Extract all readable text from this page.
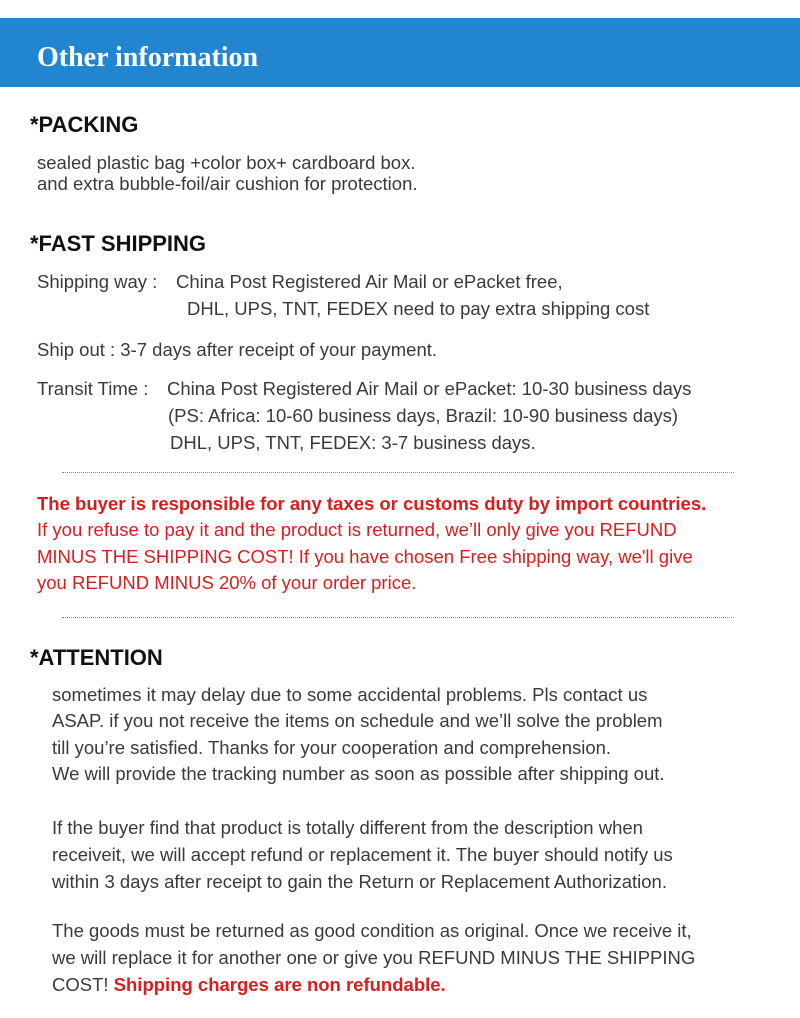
Other information
*PACKING
sealed plastic bag +color box+ cardboard box.
and extra bubble-foil/air cushion for protection.
*FAST SHIPPING
Shipping way : China Post Registered Air Mail or ePacket free,
DHL, UPS, TNT, FEDEX need to pay extra shipping cost
Ship out : 3-7 days after receipt of your payment.
Transit Time : China Post Registered Air Mail or ePacket: 10-30 business days
(PS: Africa: 10-60 business days, Brazil: 10-90 business days)
DHL, UPS, TNT, FEDEX: 3-7 business days.
The buyer is responsible for any taxes or customs duty by import countries.
If you refuse to pay it and the product is returned, we’ll only give you REFUND
MINUS THE SHIPPING COST! If you have chosen Free shipping way, we'll give
you REFUND MINUS 20% of your order price.
*ATTENTION
sometimes it may delay due to some accidental problems. Pls contact us
ASAP. if you not receive the items on schedule and we’ll solve the problem
till you’re satisfied. Thanks for your cooperation and comprehension.
We will provide the tracking number as soon as possible after shipping out.
If the buyer find that product is totally different from the description when
receiveit, we will accept refund or replacement it. The buyer should notify us
within 3 days after receipt to gain the Return or Replacement Authorization.
The goods must be returned as good condition as original. Once we receive it,
we will replace it for another one or give you REFUND MINUS THE SHIPPING
COST! Shipping charges are non refundable.
